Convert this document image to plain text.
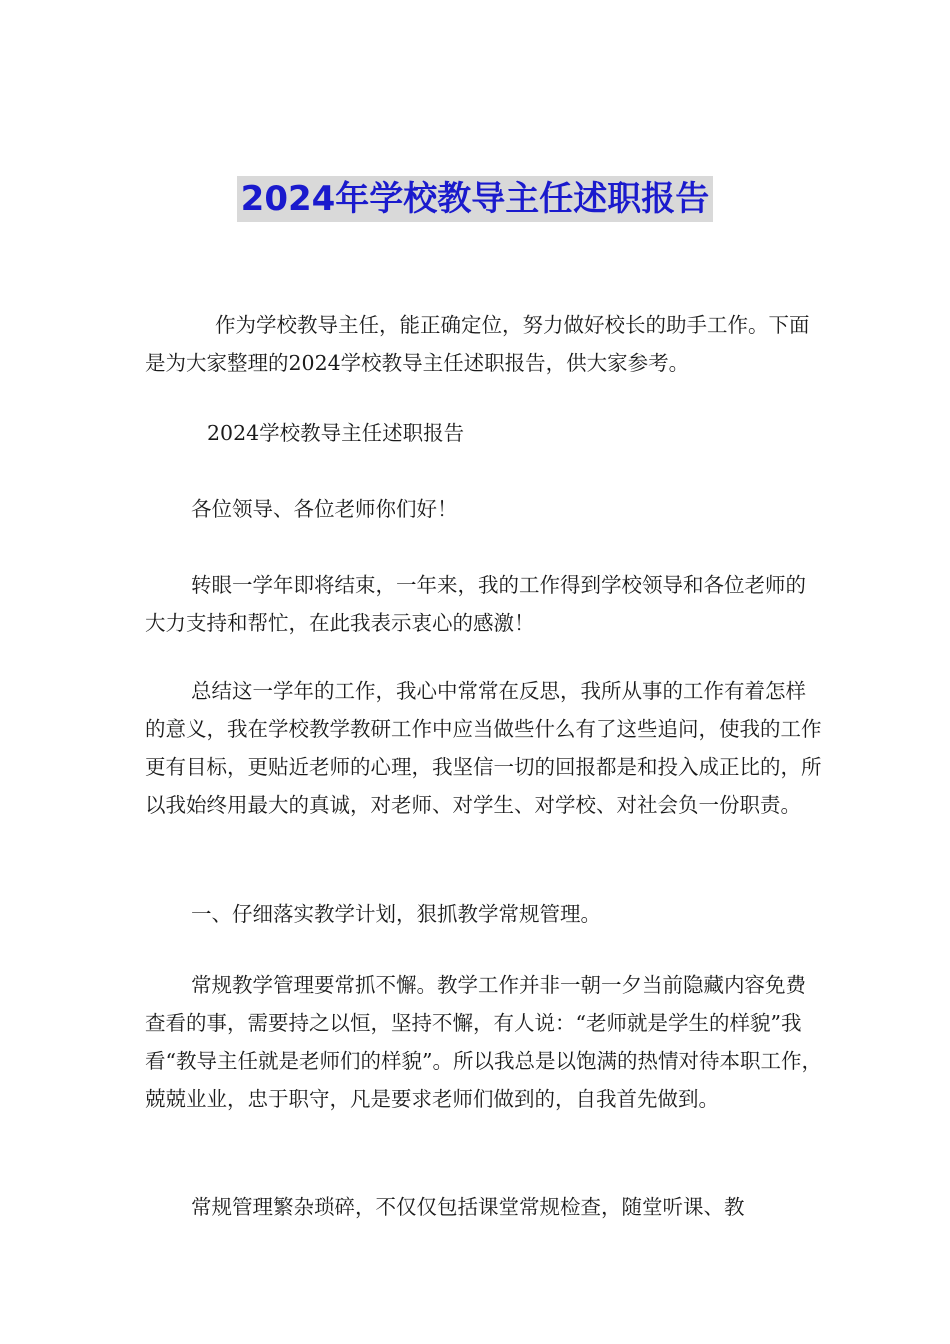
2024年学校教导主任述职报告

作为学校教导主任，能正确定位，努力做好校长的助手工作。下面是为大家整理的2024学校教导主任述职报告，供大家参考。

2024学校教导主任述职报告

各位领导、各位老师你们好！

转眼一学年即将结束，一年来，我的工作得到学校领导和各位老师的大力支持和帮忙，在此我表示衷心的感激！

总结这一学年的工作，我心中常常在反思，我所从事的工作有着怎样的意义，我在学校教学教研工作中应当做些什么有了这些追问，使我的工作更有目标，更贴近老师的心理，我坚信一切的回报都是和投入成正比的，所以我始终用最大的真诚，对老师、对学生、对学校、对社会负一份职责。

一、仔细落实教学计划，狠抓教学常规管理。

常规教学管理要常抓不懈。教学工作并非一朝一夕当前隐藏内容免费查看的事，需要持之以恒，坚持不懈，有人说：“老师就是学生的样貌”我看“教导主任就是老师们的样貌”。所以我总是以饱满的热情对待本职工作，兢兢业业，忠于职守，凡是要求老师们做到的，自我首先做到。

常规管理繁杂琐碎，不仅仅包括课堂常规检查，随堂听课、教
